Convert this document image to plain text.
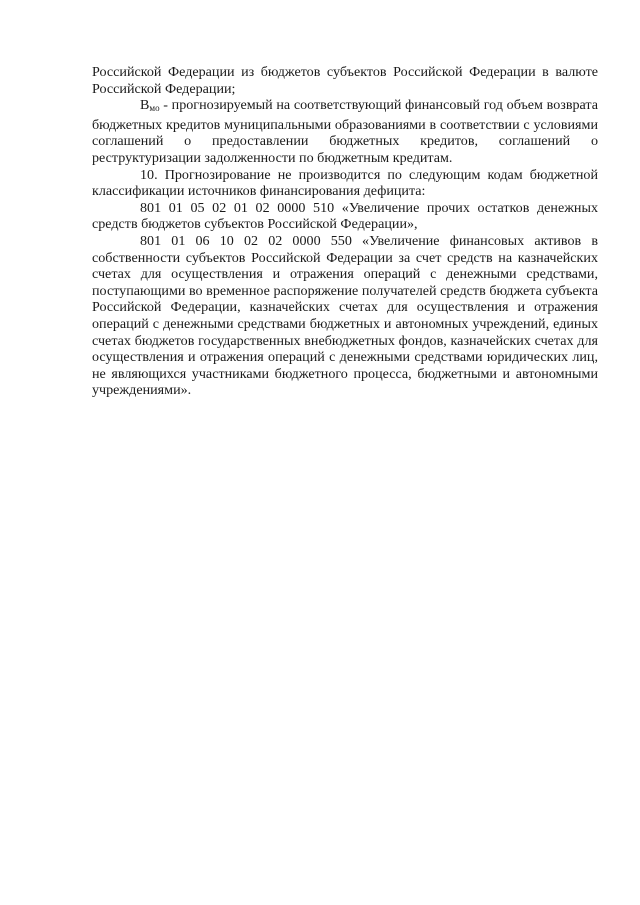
Российской Федерации из бюджетов субъектов Российской Федерации в валюте Российской Федерации;

$В_{мо}$ - прогнозируемый на соответствующий финансовый год объем возврата бюджетных кредитов муниципальными образованиями в соответствии с условиями соглашений о предоставлении бюджетных кредитов, соглашений о реструктуризации задолженности по бюджетным кредитам.

10. Прогнозирование не производится по следующим кодам бюджетной классификации источников финансирования дефицита:

801 01 05 02 01 02 0000 510 «Увеличение прочих остатков денежных средств бюджетов субъектов Российской Федерации»,

801 01 06 10 02 02 0000 550 «Увеличение финансовых активов в собственности субъектов Российской Федерации за счет средств на казначейских счетах для осуществления и отражения операций с денежными средствами, поступающими во временное распоряжение получателей средств бюджета субъекта Российской Федерации, казначейских счетах для осуществления и отражения операций с денежными средствами бюджетных и автономных учреждений, единых счетах бюджетов государственных внебюджетных фондов, казначейских счетах для осуществления и отражения операций с денежными средствами юридических лиц, не являющихся участниками бюджетного процесса, бюджетными и автономными учреждениями».
